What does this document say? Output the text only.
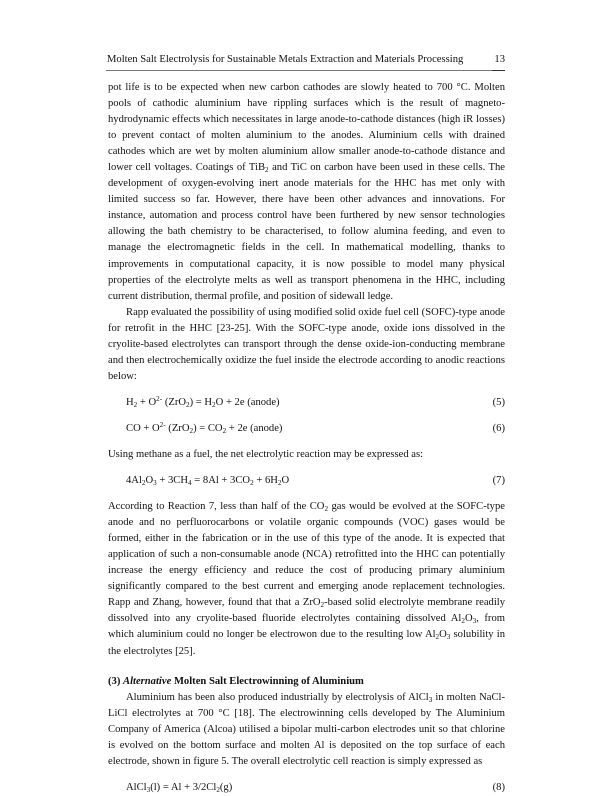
Molten Salt Electrolysis for Sustainable Metals Extraction and Materials Processing	13

pot life is to be expected when new carbon cathodes are slowly heated to 700 °C. Molten pools of cathodic aluminium have rippling surfaces which is the result of magneto-hydrodynamic effects which necessitates in large anode-to-cathode distances (high iR losses) to prevent contact of molten aluminium to the anodes. Aluminium cells with drained cathodes which are wet by molten aluminium allow smaller anode-to-cathode distance and lower cell voltages. Coatings of TiB$_2$ and TiC on carbon have been used in these cells. The development of oxygen-evolving inert anode materials for the HHC has met only with limited success so far. However, there have been other advances and innovations. For instance, automation and process control have been furthered by new sensor technologies allowing the bath chemistry to be characterised, to follow alumina feeding, and even to manage the electromagnetic fields in the cell. In mathematical modelling, thanks to improvements in computational capacity, it is now possible to model many physical properties of the electrolyte melts as well as transport phenomena in the HHC, including current distribution, thermal profile, and position of sidewall ledge.

Rapp evaluated the possibility of using modified solid oxide fuel cell (SOFC)-type anode for retrofit in the HHC [23-25]. With the SOFC-type anode, oxide ions dissolved in the cryolite-based electrolytes can transport through the dense oxide-ion-conducting membrane and then electrochemically oxidize the fuel inside the electrode according to anodic reactions below:

$H_2 + O^{2-}$ $(ZrO_2) = H_2O + 2e$ (anode)	(5)
CO + $O^{2-}$ $(ZrO_2) = CO_2 + 2e$ (anode)	(6)

Using methane as a fuel, the net electrolytic reaction may be expressed as:

$4Al_2O_3 + 3CH_4 = 8Al + 3CO_2 + 6H_2O$	(7)

According to Reaction 7, less than half of the $CO_2$ gas would be evolved at the SOFC-type anode and no perfluorocarbons or volatile organic compounds (VOC) gases would be formed, either in the fabrication or in the use of this type of the anode. It is expected that application of such a non-consumable anode (NCA) retrofitted into the HHC can potentially increase the energy efficiency and reduce the cost of producing primary aluminium significantly compared to the best current and emerging anode replacement technologies. Rapp and Zhang, however, found that that a ZrO$_2$-based solid electrolyte membrane readily dissolved into any cryolite-based fluoride electrolytes containing dissolved $Al_2O_3$, from which aluminium could no longer be electrowon due to the resulting low $Al_2O_3$ solubility in the electrolytes [25].

(3) Alternative Molten Salt Electrowinning of Aluminium

Aluminium has been also produced industrially by electrolysis of AlCl$_3$ in molten NaCl-LiCl electrolytes at 700 °C [18]. The electrowinning cells developed by The Aluminium Company of America (Alcoa) utilised a bipolar multi-carbon electrodes unit so that chlorine is evolved on the bottom surface and molten Al is deposited on the top surface of each electrode, shown in figure 5. The overall electrolytic cell reaction is simply expressed as

AlCl$_3$(l) = $Al + 3/2Cl_2(g)$	(8)
